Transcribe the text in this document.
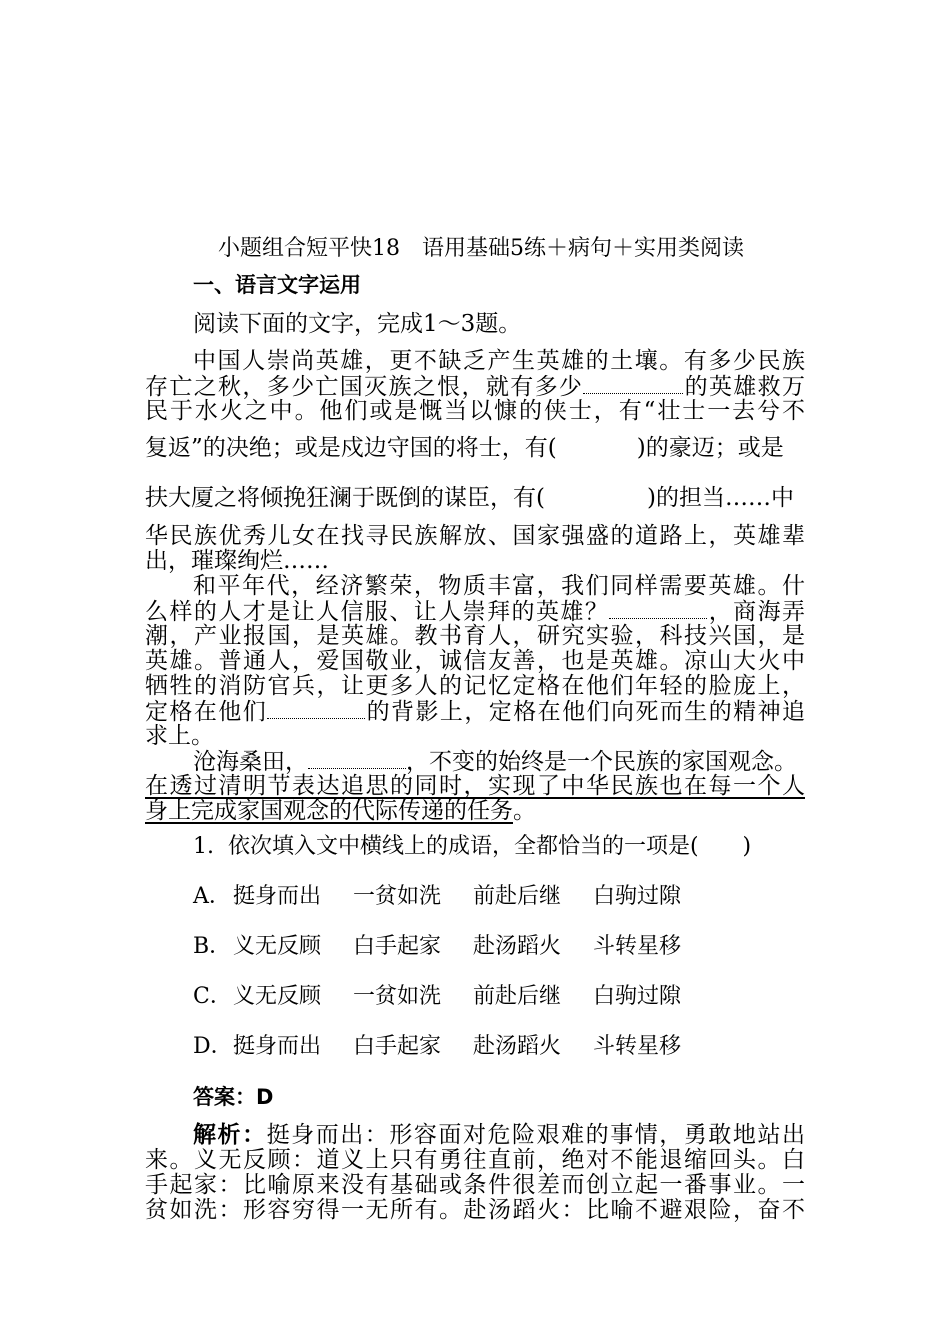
小题组合短平快18　语用基础5练＋病句＋实用类阅读
一、语言文字运用
阅读下面的文字，完成1～3题。
中国人崇尚英雄，更不缺乏产生英雄的土壤。有多少民族
存亡之秋，多少亡国灭族之恨，就有多少	的英雄救万
民于水火之中。他们或是慨当以慷的侠士，有“壮士一去兮不
复返”的决绝；或是戍边守国的将士，有(	)的豪迈；或是
扶大厦之将倾挽狂澜于既倒的谋臣，有(	)的担当……中
华民族优秀儿女在找寻民族解放、国家强盛的道路上，英雄辈
出，璀璨绚烂……
和平年代，经济繁荣，物质丰富，我们同样需要英雄。什
么样的人才是让人信服、让人崇拜的英雄？	，商海弄
潮，产业报国，是英雄。教书育人，研究实验，科技兴国，是
英雄。普通人，爱国敬业，诚信友善，也是英雄。凉山大火中
牺牲的消防官兵，让更多人的记忆定格在他们年轻的脸庞上，
定格在他们	的背影上，定格在他们向死而生的精神追
求上。
沧海桑田，	，不变的始终是一个民族的家国观念。
在透过清明节表达追思的同时，实现了中华民族也在每一个人
身上完成家国观念的代际传递的任务。
1.  依次填入文中横线上的成语，全都恰当的一项是(　　)
A．挺身而出 一贫如洗 前赴后继 白驹过隙
B．义无反顾 白手起家 赴汤蹈火 斗转星移
C．义无反顾 一贫如洗 前赴后继 白驹过隙
D．挺身而出 白手起家 赴汤蹈火 斗转星移
答案：D
解析：挺身而出：形容面对危险艰难的事情，勇敢地站出
来。义无反顾：道义上只有勇往直前，绝对不能退缩回头。白
手起家：比喻原来没有基础或条件很差而创立起一番事业。一
贫如洗：形容穷得一无所有。赴汤蹈火：比喻不避艰险，奋不
